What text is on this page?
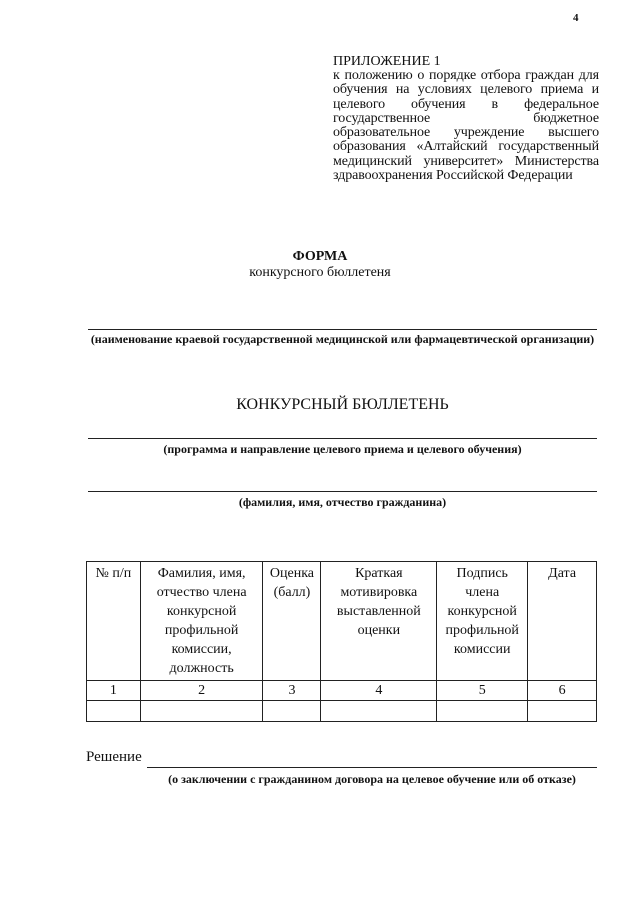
4
ПРИЛОЖЕНИЕ 1
к положению о порядке отбора граждан для обучения на условиях целевого приема и целевого обучения в федеральное государственное бюджетное образовательное учреждение высшего образования «Алтайский государственный медицинский университет» Министерства здравоохранения Российской Федерации
ФОРМА
конкурсного бюллетеня
(наименование краевой государственной медицинской или фармацевтической организации)
КОНКУРСНЫЙ БЮЛЛЕТЕНЬ
(программа и направление целевого приема и целевого обучения)
(фамилия, имя, отчество гражданина)
№ п/п	Фамилия, имя, отчество члена конкурсной профильной комиссии, должность	Оценка (балл)	Краткая мотивировка выставленной оценки	Подпись члена конкурсной профильной комиссии	Дата
1	2	3	4	5	6

Решение
(о заключении с гражданином договора на целевое обучение или об отказе)
